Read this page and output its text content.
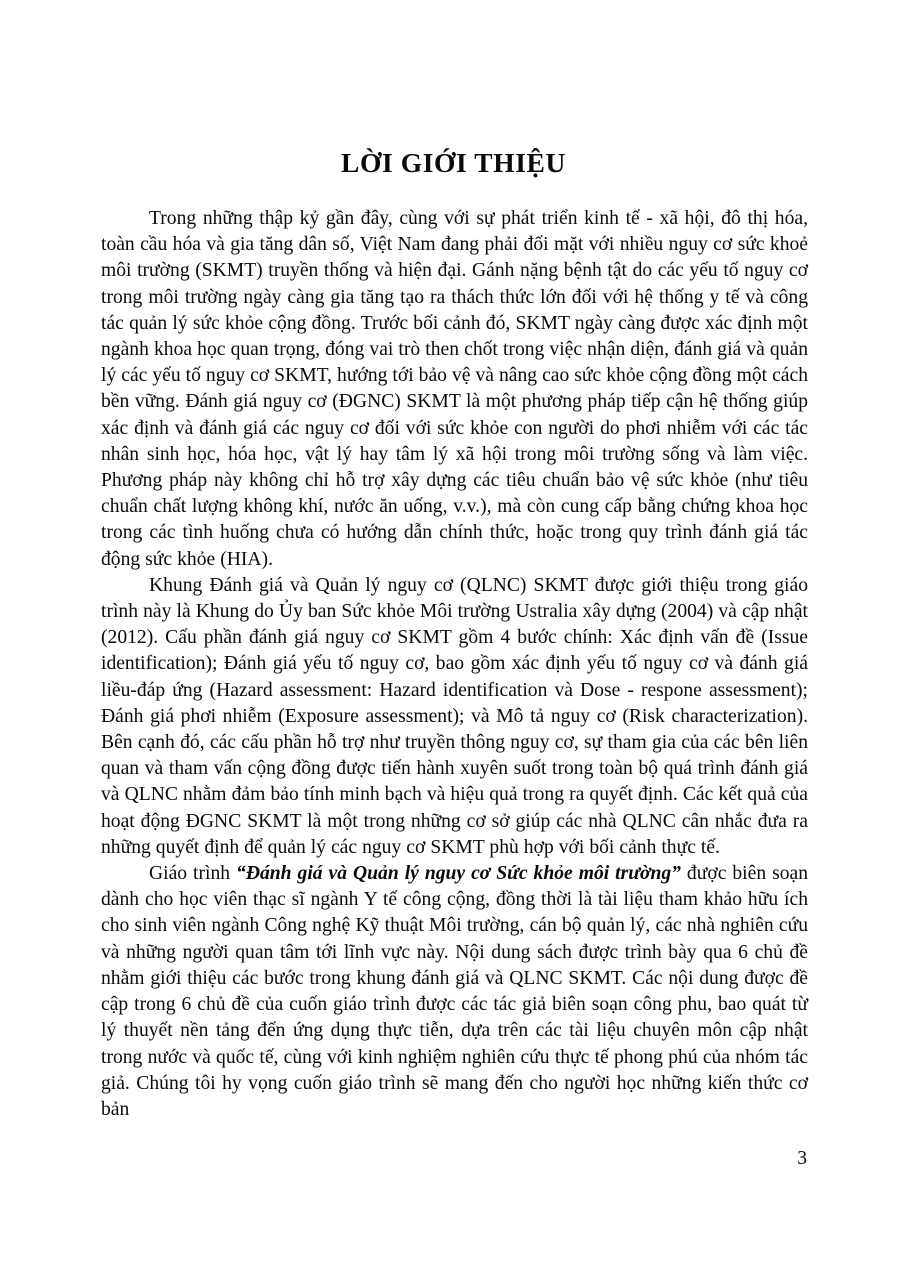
LỜI GIỚI THIỆU

Trong những thập kỷ gần đây, cùng với sự phát triển kinh tế - xã hội, đô thị hóa, toàn cầu hóa và gia tăng dân số, Việt Nam đang phải đối mặt với nhiều nguy cơ sức khoẻ môi trường (SKMT) truyền thống và hiện đại. Gánh nặng bệnh tật do các yếu tố nguy cơ trong môi trường ngày càng gia tăng tạo ra thách thức lớn đối với hệ thống y tế và công tác quản lý sức khỏe cộng đồng. Trước bối cảnh đó, SKMT ngày càng được xác định một ngành khoa học quan trọng, đóng vai trò then chốt trong việc nhận diện, đánh giá và quản lý các yếu tố nguy cơ SKMT, hướng tới bảo vệ và nâng cao sức khỏe cộng đồng một cách bền vững. Đánh giá nguy cơ (ĐGNC) SKMT là một phương pháp tiếp cận hệ thống giúp xác định và đánh giá các nguy cơ đối với sức khỏe con người do phơi nhiễm với các tác nhân sinh học, hóa học, vật lý hay tâm lý xã hội trong môi trường sống và làm việc. Phương pháp này không chỉ hỗ trợ xây dựng các tiêu chuẩn bảo vệ sức khỏe (như tiêu chuẩn chất lượng không khí, nước ăn uống, v.v.), mà còn cung cấp bằng chứng khoa học trong các tình huống chưa có hướng dẫn chính thức, hoặc trong quy trình đánh giá tác động sức khỏe (HIA).

Khung Đánh giá và Quản lý nguy cơ (QLNC) SKMT được giới thiệu trong giáo trình này là Khung do Ủy ban Sức khỏe Môi trường Ustralia xây dựng (2004) và cập nhật (2012). Cấu phần đánh giá nguy cơ SKMT gồm 4 bước chính: Xác định vấn đề (Issue identification); Đánh giá yếu tố nguy cơ, bao gồm xác định yếu tố nguy cơ và đánh giá liều-đáp ứng (Hazard assessment: Hazard identification và Dose - respone assessment); Đánh giá phơi nhiễm (Exposure assessment); và Mô tả nguy cơ (Risk characterization). Bên cạnh đó, các cấu phần hỗ trợ như truyền thông nguy cơ, sự tham gia của các bên liên quan và tham vấn cộng đồng được tiến hành xuyên suốt trong toàn bộ quá trình đánh giá và QLNC nhằm đảm bảo tính minh bạch và hiệu quả trong ra quyết định. Các kết quả của hoạt động ĐGNC SKMT là một trong những cơ sở giúp các nhà QLNC cân nhắc đưa ra những quyết định để quản lý các nguy cơ SKMT phù hợp với bối cảnh thực tế.

Giáo trình “Đánh giá và Quản lý nguy cơ Sức khỏe môi trường” được biên soạn dành cho học viên thạc sĩ ngành Y tế công cộng, đồng thời là tài liệu tham khảo hữu ích cho sinh viên ngành Công nghệ Kỹ thuật Môi trường, cán bộ quản lý, các nhà nghiên cứu và những người quan tâm tới lĩnh vực này. Nội dung sách được trình bày qua 6 chủ đề nhằm giới thiệu các bước trong khung đánh giá và QLNC SKMT. Các nội dung được đề cập trong 6 chủ đề của cuốn giáo trình được các tác giả biên soạn công phu, bao quát từ lý thuyết nền tảng đến ứng dụng thực tiễn, dựa trên các tài liệu chuyên môn cập nhật trong nước và quốc tế, cùng với kinh nghiệm nghiên cứu thực tế phong phú của nhóm tác giả. Chúng tôi hy vọng cuốn giáo trình sẽ mang đến cho người học những kiến thức cơ bản

3
